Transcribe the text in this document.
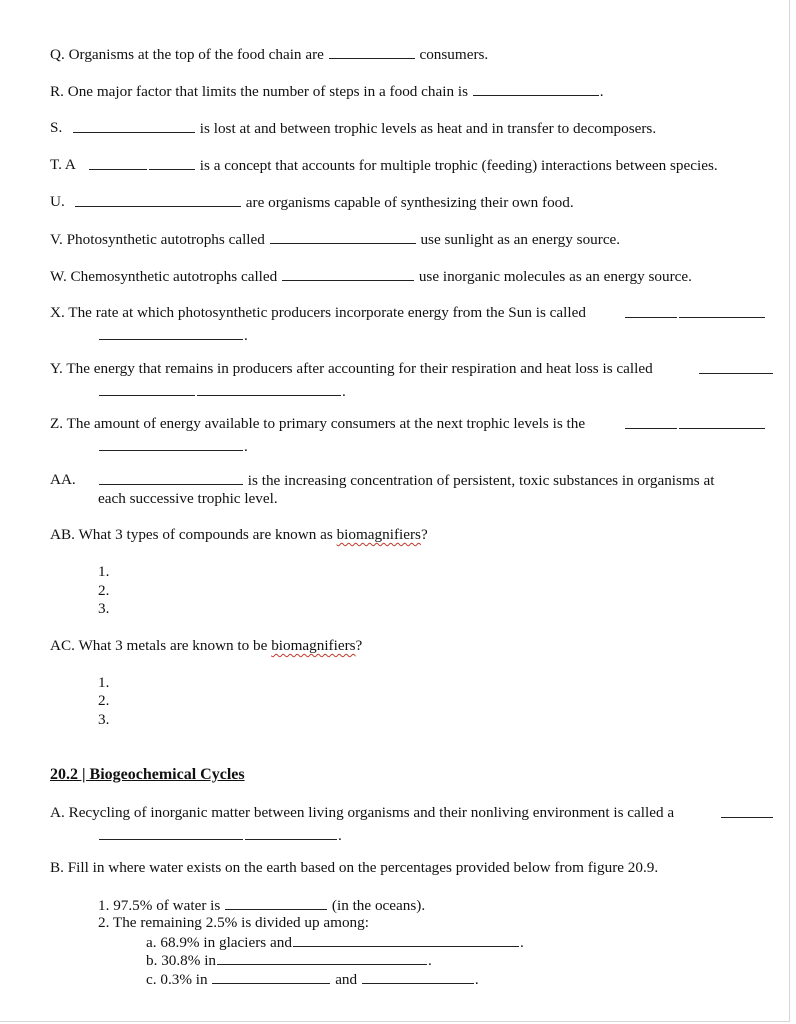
Q. Organisms at the top of the food chain are	consumers.
R. One major factor that limits the number of steps in a food chain is	.
S.	is lost at and between trophic levels as heat and in transfer to decomposers.
T. A	is a concept that accounts for multiple trophic (feeding) interactions between species.
U.	are organisms capable of synthesizing their own food.
V. Photosynthetic autotrophs called	use sunlight as an energy source.
W. Chemosynthetic autotrophs called	use inorganic molecules as an energy source.
X. The rate at which photosynthetic producers incorporate energy from the Sun is called
.
Y. The energy that remains in producers after accounting for their respiration and heat loss is called
.
Z. The amount of energy available to primary consumers at the next trophic levels is the
.
AA.	is the increasing concentration of persistent, toxic substances in organisms at
each successive trophic level.
AB. What 3 types of compounds are known as biomagnifiers?
1.
2.
3.
AC. What 3 metals are known to be biomagnifiers?
1.
2.
3.
20.2 | Biogeochemical Cycles
A. Recycling of inorganic matter between living organisms and their nonliving environment is called a
.
B. Fill in where water exists on the earth based on the percentages provided below from figure 20.9.
1. 97.5% of water is	(in the oceans).
2. The remaining 2.5% is divided up among:
a. 68.9% in glaciers and	.
b. 30.8% in	.
c. 0.3% in	and	.
